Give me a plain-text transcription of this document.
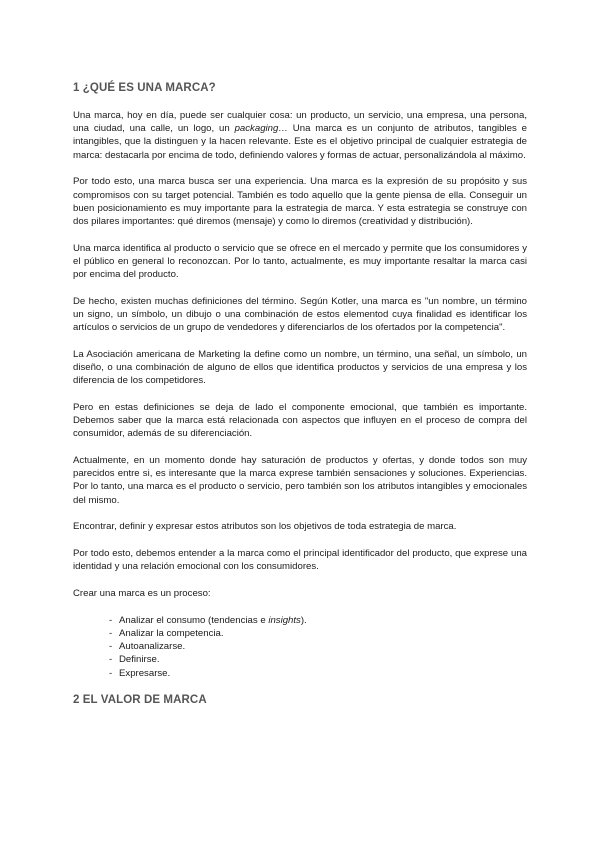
1 ¿QUÉ ES UNA MARCA?

Una marca, hoy en día, puede ser cualquier cosa: un producto, un servicio, una empresa, una persona, una ciudad, una calle, un logo, un packaging… Una marca es un conjunto de atributos, tangibles e intangibles, que la distinguen y la hacen relevante. Este es el objetivo principal de cualquier estrategia de marca: destacarla por encima de todo, definiendo valores y formas de actuar, personalizándola al máximo.

Por todo esto, una marca busca ser una experiencia. Una marca es la expresión de su propósito y sus compromisos con su target potencial. También es todo aquello que la gente piensa de ella. Conseguir un buen posicionamiento es muy importante para la estrategia de marca. Y esta estrategia se construye con dos pilares importantes: qué diremos (mensaje) y como lo diremos (creatividad y distribución).

Una marca identifica al producto o servicio que se ofrece en el mercado y permite que los consumidores y el público en general lo reconozcan. Por lo tanto, actualmente, es muy importante resaltar la marca casi por encima del producto.

De hecho, existen muchas definiciones del término. Según Kotler, una marca es "un nombre, un término un signo, un símbolo, un dibujo o una combinación de estos elementod cuya finalidad es identificar los artículos o servicios de un grupo de vendedores y diferenciarlos de los ofertados por la competencia".

La Asociación americana de Marketing la define como un nombre, un término, una señal, un símbolo, un diseño, o una combinación de alguno de ellos que identifica productos y servicios de una empresa y los diferencia de los competidores.

Pero en estas definiciones se deja de lado el componente emocional, que también es importante. Debemos saber que la marca está relacionada con aspectos que influyen en el proceso de compra del consumidor, además de su diferenciación.

Actualmente, en un momento donde hay saturación de productos y ofertas, y donde todos son muy parecidos entre si, es interesante que la marca exprese también sensaciones y soluciones. Experiencias. Por lo tanto, una marca es el producto o servicio, pero también son los atributos intangibles y emocionales del mismo.

Encontrar, definir y expresar estos atributos son los objetivos de toda estrategia de marca.

Por todo esto, debemos entender a la marca como el principal identificador del producto, que exprese una identidad y una relación emocional con los consumidores.

Crear una marca es un proceso:

- Analizar el consumo (tendencias e insights).
- Analizar la competencia.
- Autoanalizarse.
- Definirse.
- Expresarse.
2 EL VALOR DE MARCA
